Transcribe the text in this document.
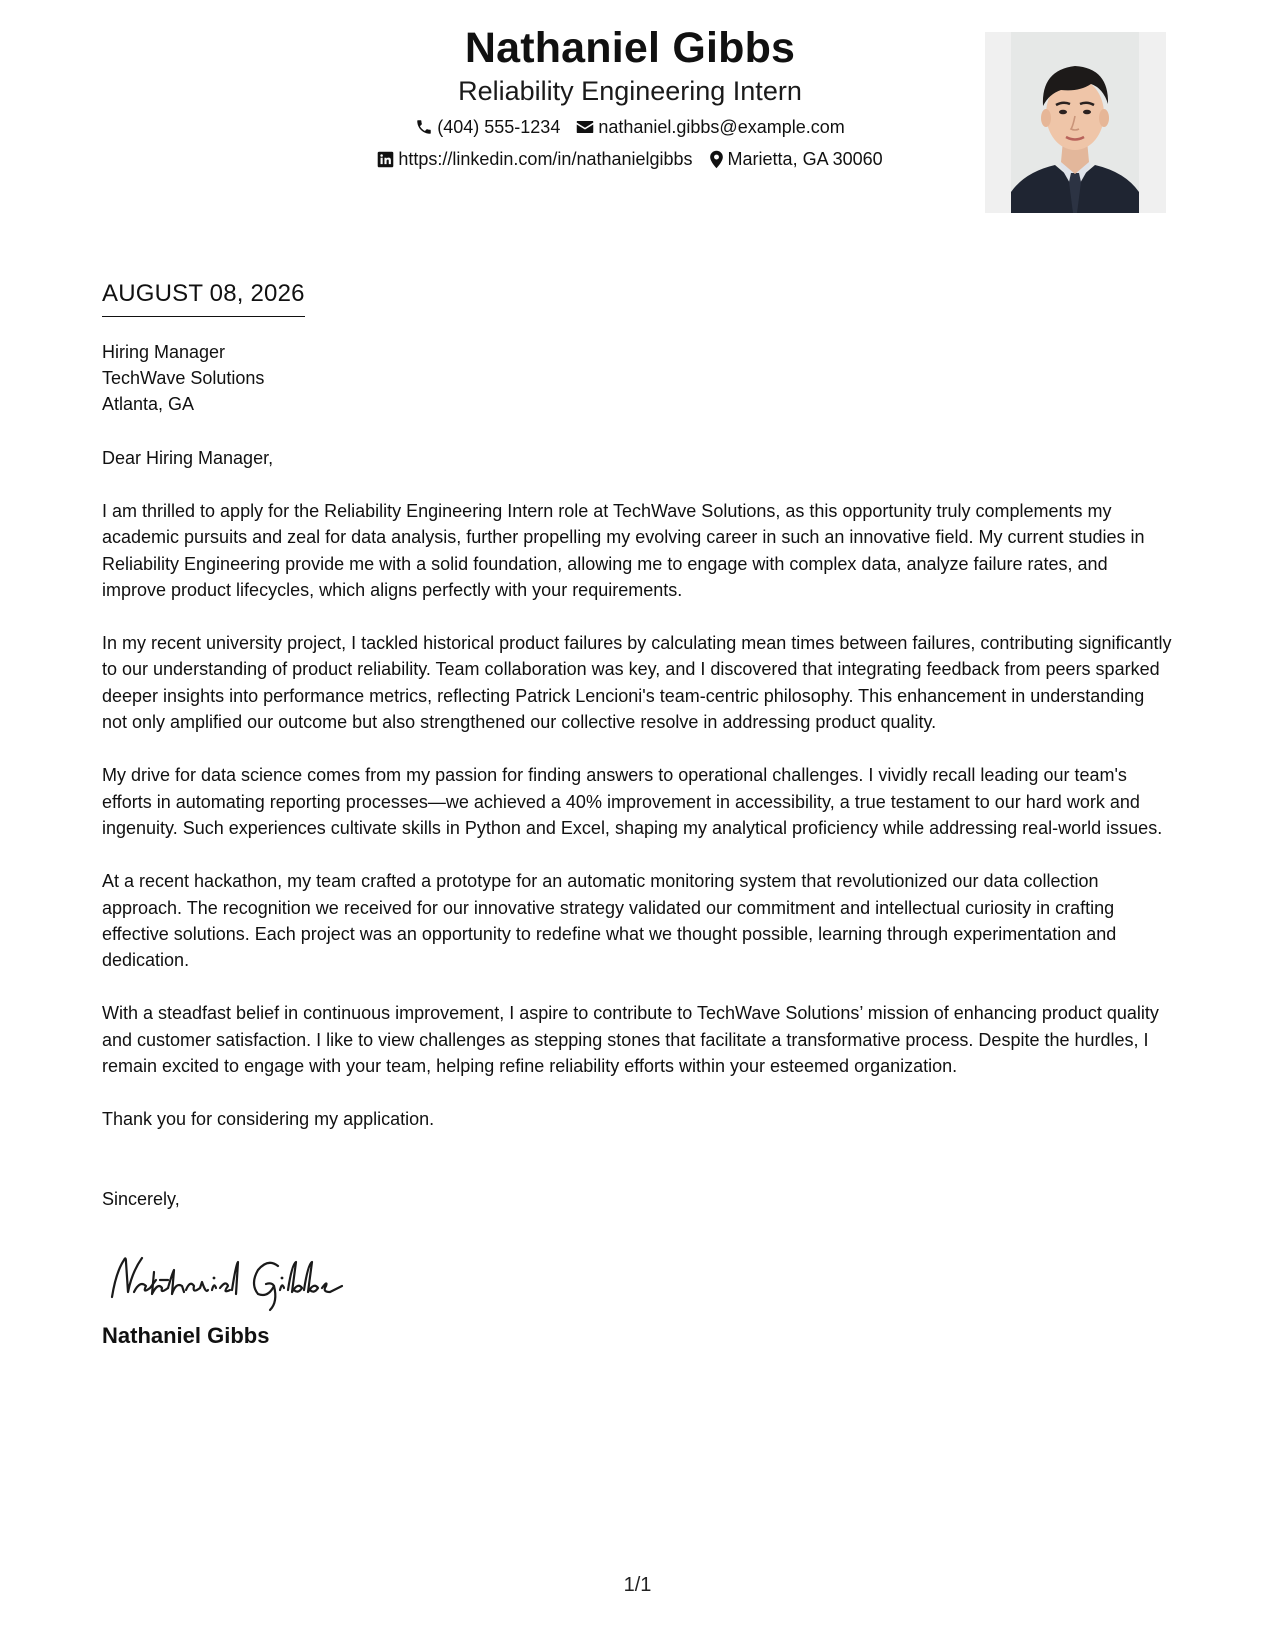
Nathaniel Gibbs
Reliability Engineering Intern
(404) 555-1234 nathaniel.gibbs@example.com
https://linkedin.com/in/nathanielgibbs Marietta, GA 30060
AUGUST 08, 2026
Hiring Manager
TechWave Solutions
Atlanta, GA
Dear Hiring Manager,
I am thrilled to apply for the Reliability Engineering Intern role at TechWave Solutions, as this opportunity truly complements my academic pursuits and zeal for data analysis, further propelling my evolving career in such an innovative field. My current studies in Reliability Engineering provide me with a solid foundation, allowing me to engage with complex data, analyze failure rates, and improve product lifecycles, which aligns perfectly with your requirements.
In my recent university project, I tackled historical product failures by calculating mean times between failures, contributing significantly to our understanding of product reliability. Team collaboration was key, and I discovered that integrating feedback from peers sparked deeper insights into performance metrics, reflecting Patrick Lencioni's team-centric philosophy. This enhancement in understanding not only amplified our outcome but also strengthened our collective resolve in addressing product quality.
My drive for data science comes from my passion for finding answers to operational challenges. I vividly recall leading our team's efforts in automating reporting processes—we achieved a 40% improvement in accessibility, a true testament to our hard work and ingenuity. Such experiences cultivate skills in Python and Excel, shaping my analytical proficiency while addressing real-world issues.
At a recent hackathon, my team crafted a prototype for an automatic monitoring system that revolutionized our data collection approach. The recognition we received for our innovative strategy validated our commitment and intellectual curiosity in crafting effective solutions. Each project was an opportunity to redefine what we thought possible, learning through experimentation and dedication.
With a steadfast belief in continuous improvement, I aspire to contribute to TechWave Solutions’ mission of enhancing product quality and customer satisfaction. I like to view challenges as stepping stones that facilitate a transformative process. Despite the hurdles, I remain excited to engage with your team, helping refine reliability efforts within your esteemed organization.
Thank you for considering my application.
Sincerely,
Nathaniel Gibbs
1/1
